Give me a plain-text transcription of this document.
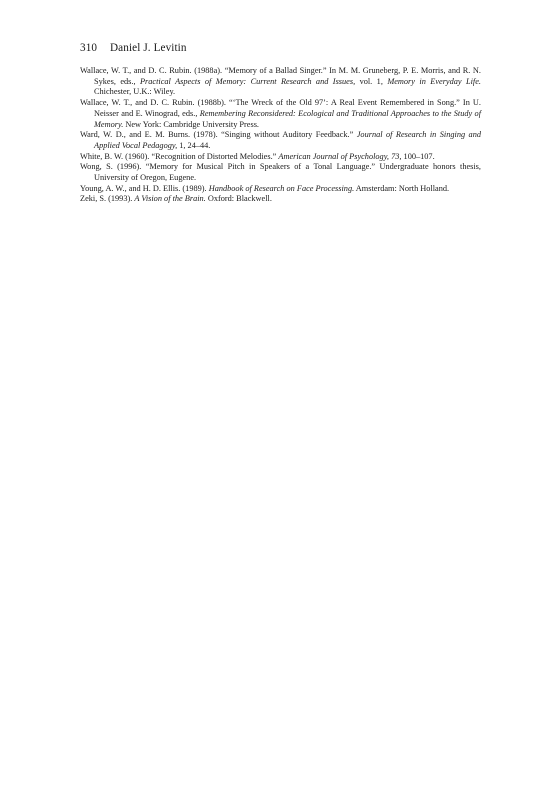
310 Daniel J. Levitin
Wallace, W. T., and D. C. Rubin. (1988a). “Memory of a Ballad Singer.” In M. M. Gruneberg, P. E. Morris, and R. N. Sykes, eds., Practical Aspects of Memory: Current Research and Issues, vol. 1, Memory in Everyday Life. Chichester, U.K.: Wiley.
Wallace, W. T., and D. C. Rubin. (1988b). “‘The Wreck of the Old 97’: A Real Event Remembered in Song.” In U. Neisser and E. Winograd, eds., Remembering Reconsidered: Ecological and Traditional Approaches to the Study of Memory. New York: Cambridge University Press.
Ward, W. D., and E. M. Burns. (1978). “Singing without Auditory Feedback.” Journal of Research in Singing and Applied Vocal Pedagogy, 1, 24–44.
White, B. W. (1960). “Recognition of Distorted Melodies.” American Journal of Psychology, 73, 100–107.
Wong, S. (1996). “Memory for Musical Pitch in Speakers of a Tonal Language.” Undergraduate honors thesis, University of Oregon, Eugene.
Young, A. W., and H. D. Ellis. (1989). Handbook of Research on Face Processing. Amsterdam: North Holland.
Zeki, S. (1993). A Vision of the Brain. Oxford: Blackwell.
